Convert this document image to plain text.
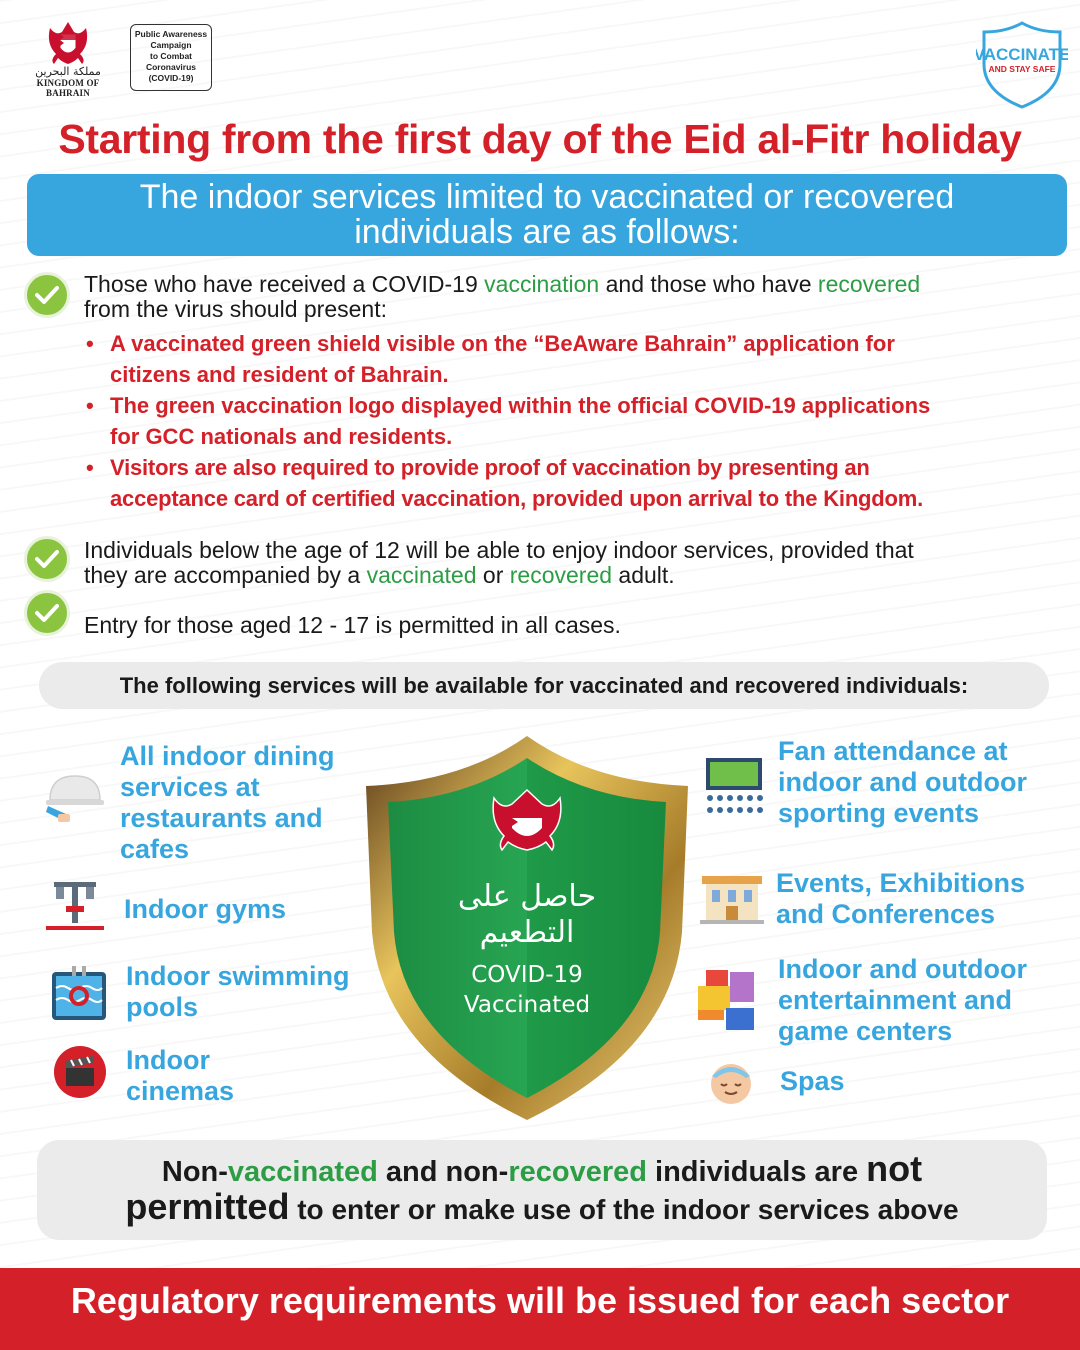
مملكة البحرين
KINGDOM OF BAHRAIN
Public Awareness
Campaign
to Combat
Coronavirus
(COVID-19)
VACCINATE
AND STAY SAFE
Starting from the first day of the Eid al-Fitr holiday
The indoor services limited to vaccinated or recovered
individuals are as follows:
Those who have received a COVID-19 vaccination and those who have recovered
from the virus should present:
• A vaccinated green shield visible on the “BeAware Bahrain” application for
citizens and resident of Bahrain.
• The green vaccination logo displayed within the official COVID-19 applications
for GCC nationals and residents.
• Visitors are also required to provide proof of vaccination by presenting an
acceptance card of certified vaccination, provided upon arrival to the Kingdom.
Individuals below the age of 12 will be able to enjoy indoor services, provided that
they are accompanied by a vaccinated or recovered adult.
Entry for those aged 12 - 17 is permitted in all cases.
The following services will be available for vaccinated and recovered individuals:
All indoor dining
services at
restaurants and
cafes
Indoor gyms
Indoor swimming
pools
Indoor
cinemas
حاصل على
التطعيم
COVID-19
Vaccinated
Fan attendance at
indoor and outdoor
sporting events
Events, Exhibitions
and Conferences
Indoor and outdoor
entertainment and
game centers
Spas
Non-vaccinated and non-recovered individuals are not
permitted to enter or make use of the indoor services above
Regulatory requirements will be issued for each sector
